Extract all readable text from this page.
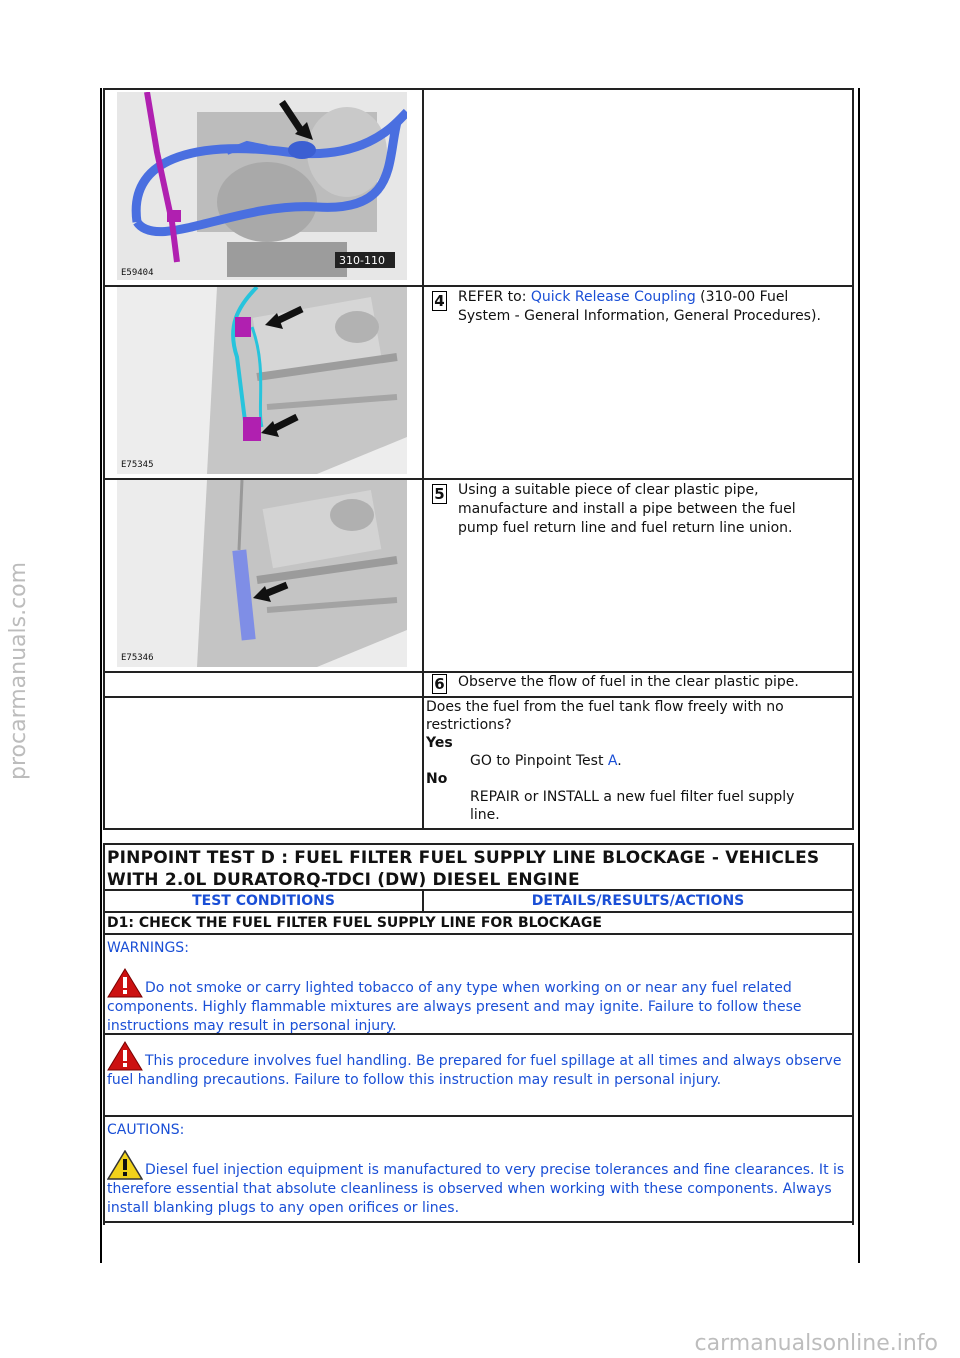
+
E59404
310-110
+
E75345
4 REFER to: Quick Release Coupling (310-00 Fuel System - General Information, General Procedures).
+
E75346
5 Using a suitable piece of clear plastic pipe, manufacture and install a pipe between the fuel pump fuel return line and fuel return line union.
6 Observe the flow of fuel in the clear plastic pipe.
Does the fuel from the fuel tank flow freely with no restrictions?
Yes
GO to Pinpoint Test A.
No
REPAIR or INSTALL a new fuel filter fuel supply line.
PINPOINT TEST D : FUEL FILTER FUEL SUPPLY LINE BLOCKAGE - VEHICLES WITH 2.0L DURATORQ-TDCI (DW) DIESEL ENGINE
TEST CONDITIONS	DETAILS/RESULTS/ACTIONS
D1: CHECK THE FUEL FILTER FUEL SUPPLY LINE FOR BLOCKAGE
WARNINGS:
Do not smoke or carry lighted tobacco of any type when working on or near any fuel related components. Highly flammable mixtures are always present and may ignite. Failure to follow these instructions may result in personal injury.
This procedure involves fuel handling. Be prepared for fuel spillage at all times and always observe fuel handling precautions. Failure to follow this instruction may result in personal injury.
CAUTIONS:
Diesel fuel injection equipment is manufactured to very precise tolerances and fine clearances. It is therefore essential that absolute cleanliness is observed when working with these components. Always install blanking plugs to any open orifices or lines.
procarmanuals.com
carmanualsonline.info
